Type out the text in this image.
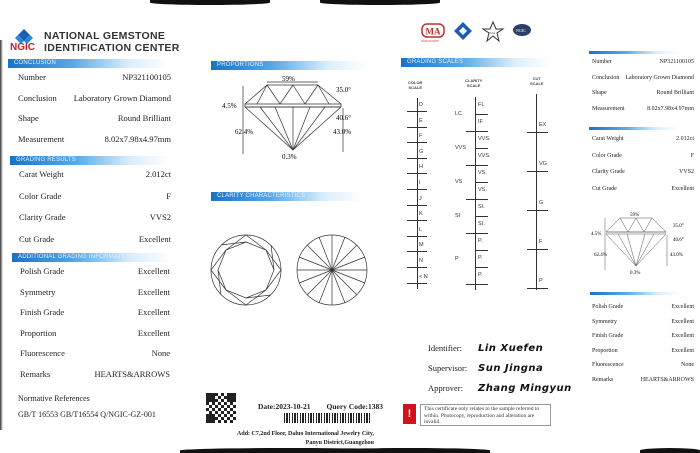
NGIC
NATIONAL GEMSTONE
IDENTIFICATION CENTER
CONCLUSION
Number	NP321100105
Conclusion Laboratory Grown Diamond
Shape	Round Brilliant
Measurement	8.02x7.98x4.97mm
GRADING RESULTS
Carat Weight	2.012ct
Color Grade	F
Clarity Grade	VVS2
Cut Grade	Excellent
ADDITIONAL GRADING INFORMATION
Polish Grade	Excellent
Symmetry	Excellent
Finish Grade	Excellent
Proportion	Excellent
Fluorescence	None
Remarks	HEARTS&ARROWS
Normative References
GB/T 16553 GB/T16554 Q/NGIC-GZ-001
PROPORTIONS
59%
35.0°
40.6°
4.5%
62.4%	43.0%
0.3%
CLARITY CHARACTERISTICS
Date:2023-10-21 Query Code:1383
Add: C7,2nd Floor, Daluo International Jewelry City,
Panyu District,Guangzhou
MA
202019015087
SJA	NGIC
GRADING SCALES
COLOR
SCALE
CLARITY
SCALE
CUT
SCALE
D
E
F
G
H
I
J
K
L
M
N
< N
LC
FL
IF
VVS
VVS.
VVS.
VS
VS.
VS.
SI
SI.
SI.
P
P.
P.
P.
EX
VG
G
F
P
Identifier:	Lin Xuefen
Supervisor:	Sun Jingna
Approver:	Zhang Mingyun
!	This certificate only relates to the sample referred to within. Photocopy, reproduction and alteration are invalid.
Number	NP321100105
Conclusion Laboratory Grown Diamond
Shape	Round Brilliant
Measurement	8.02x7.98x4.97mm
Carat Weight	2.012ct
Color Grade	F
Clarity Grade	VVS2
Cut Grade	Excellent
59%
35.0°
40.6°
4.5%
62.4%	43.0%
0.3%
Polish Grade	Excellent
Symmetry	Excellent
Finish Grade	Excellent
Proportion	Excellent
Fluorescence	None
Remarks	HEARTS&ARROWS
